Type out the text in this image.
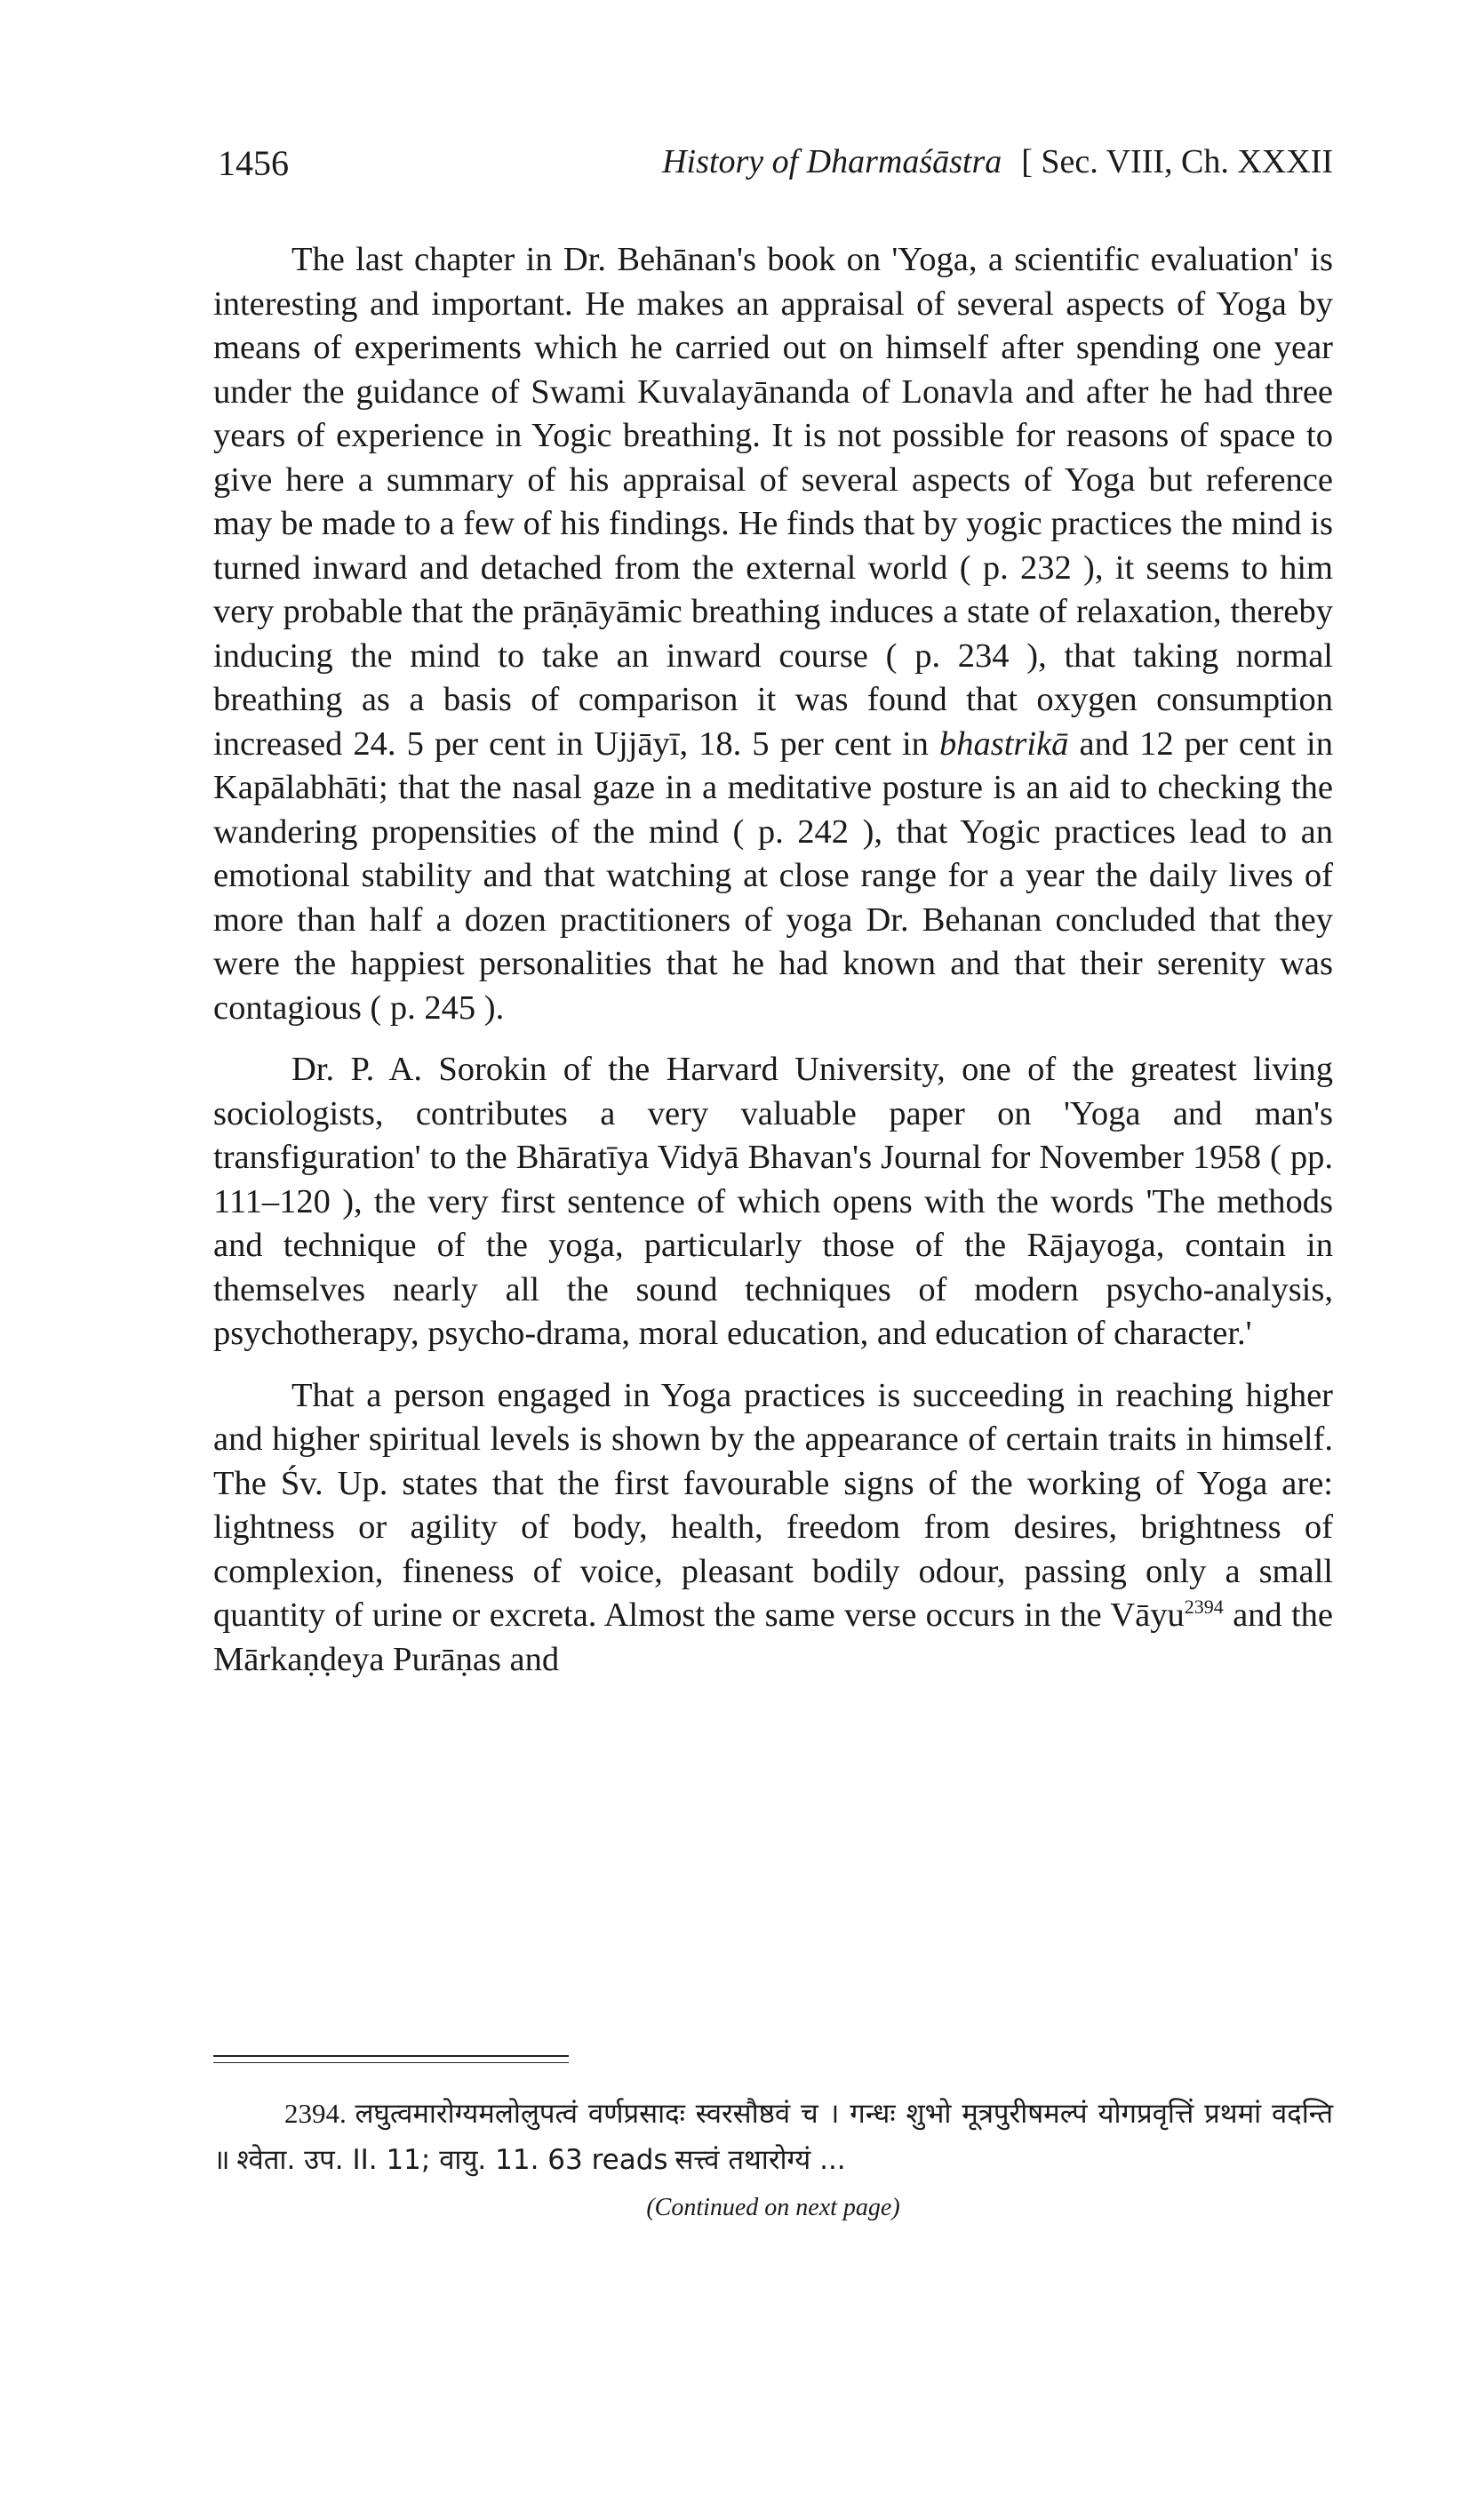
1456	History of Dharmaśāstra [ Sec. VIII, Ch. XXXII

The last chapter in Dr. Behānan's book on 'Yoga, a scientific evaluation' is interesting and important. He makes an appraisal of several aspects of Yoga by means of experiments which he carried out on himself after spending one year under the guidance of Swami Kuvalayānanda of Lonavla and after he had three years of experience in Yogic breathing. It is not possible for reasons of space to give here a summary of his appraisal of several aspects of Yoga but reference may be made to a few of his findings. He finds that by yogic practices the mind is turned inward and detached from the external world ( p. 232 ), it seems to him very probable that the prāṇāyāmic breathing induces a state of relaxation, thereby inducing the mind to take an inward course ( p. 234 ), that taking normal breathing as a basis of comparison it was found that oxygen consumption increased 24. 5 per cent in Ujjāyī, 18. 5 per cent in bhastrikā and 12 per cent in Kapālabhāti; that the nasal gaze in a meditative posture is an aid to checking the wandering propensities of the mind ( p. 242 ), that Yogic practices lead to an emotional stability and that watching at close range for a year the daily lives of more than half a dozen practitioners of yoga Dr. Behanan concluded that they were the happiest personalities that he had known and that their serenity was contagious ( p. 245 ).

Dr. P. A. Sorokin of the Harvard University, one of the greatest living sociologists, contributes a very valuable paper on 'Yoga and man's transfiguration' to the Bhāratīya Vidyā Bhavan's Journal for November 1958 ( pp. 111–120 ), the very first sentence of which opens with the words 'The methods and technique of the yoga, particularly those of the Rājayoga, contain in themselves nearly all the sound techniques of modern psycho-analysis, psychotherapy, psycho-drama, moral education, and education of character.'

That a person engaged in Yoga practices is succeeding in reaching higher and higher spiritual levels is shown by the appearance of certain traits in himself. The Śv. Up. states that the first favourable signs of the working of Yoga are: lightness or agility of body, health, freedom from desires, brightness of complexion, fineness of voice, pleasant bodily odour, passing only a small quantity of urine or excreta. Almost the same verse occurs in the Vāyu$^{2394}$ and the Mārkaṇḍeya Purāṇas and

2394. लघुत्वमारोग्यमलोलुपत्वं वर्णप्रसादः स्वरसौष्ठवं च । गन्धः शुभो मूत्रपुरीषमल्पं योगप्रवृत्तिं प्रथमां वदन्ति ॥ श्वेता. उप. II. 11; वायु. 11. 63 reads सत्त्वं तथारोग्यं ...

(Continued on next page)
